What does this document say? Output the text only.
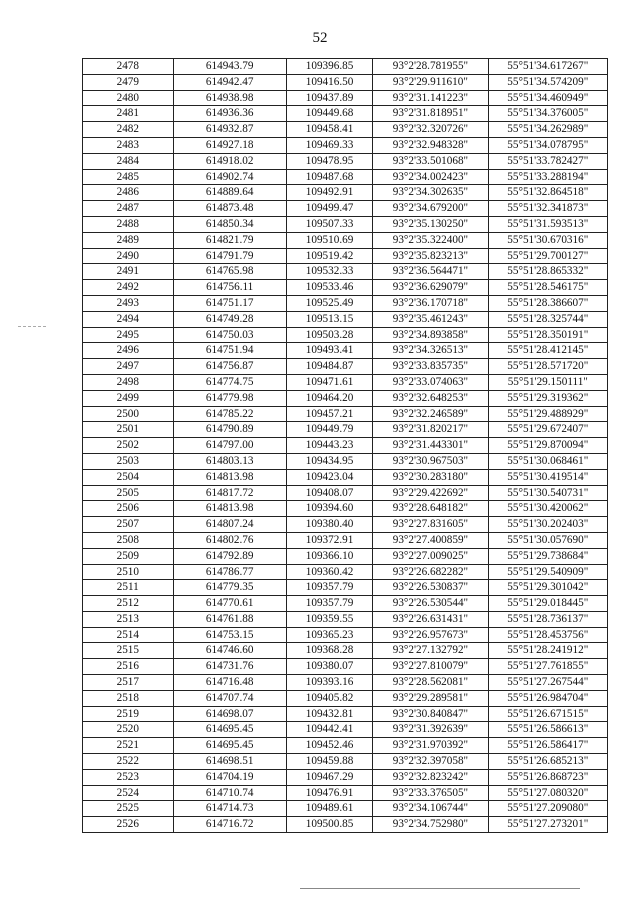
52
2478	614943.79	109396.85	93°2'28.781955"	55°51'34.617267"
2479	614942.47	109416.50	93°2'29.911610"	55°51'34.574209"
2480	614938.98	109437.89	93°2'31.141223"	55°51'34.460949"
2481	614936.36	109449.68	93°2'31.818951"	55°51'34.376005"
2482	614932.87	109458.41	93°2'32.320726"	55°51'34.262989"
2483	614927.18	109469.33	93°2'32.948328"	55°51'34.078795"
2484	614918.02	109478.95	93°2'33.501068"	55°51'33.782427"
2485	614902.74	109487.68	93°2'34.002423"	55°51'33.288194"
2486	614889.64	109492.91	93°2'34.302635"	55°51'32.864518"
2487	614873.48	109499.47	93°2'34.679200"	55°51'32.341873"
2488	614850.34	109507.33	93°2'35.130250"	55°51'31.593513"
2489	614821.79	109510.69	93°2'35.322400"	55°51'30.670316"
2490	614791.79	109519.42	93°2'35.823213"	55°51'29.700127"
2491	614765.98	109532.33	93°2'36.564471"	55°51'28.865332"
2492	614756.11	109533.46	93°2'36.629079"	55°51'28.546175"
2493	614751.17	109525.49	93°2'36.170718"	55°51'28.386607"
2494	614749.28	109513.15	93°2'35.461243"	55°51'28.325744"
2495	614750.03	109503.28	93°2'34.893858"	55°51'28.350191"
2496	614751.94	109493.41	93°2'34.326513"	55°51'28.412145"
2497	614756.87	109484.87	93°2'33.835735"	55°51'28.571720"
2498	614774.75	109471.61	93°2'33.074063"	55°51'29.150111"
2499	614779.98	109464.20	93°2'32.648253"	55°51'29.319362"
2500	614785.22	109457.21	93°2'32.246589"	55°51'29.488929"
2501	614790.89	109449.79	93°2'31.820217"	55°51'29.672407"
2502	614797.00	109443.23	93°2'31.443301"	55°51'29.870094"
2503	614803.13	109434.95	93°2'30.967503"	55°51'30.068461"
2504	614813.98	109423.04	93°2'30.283180"	55°51'30.419514"
2505	614817.72	109408.07	93°2'29.422692"	55°51'30.540731"
2506	614813.98	109394.60	93°2'28.648182"	55°51'30.420062"
2507	614807.24	109380.40	93°2'27.831605"	55°51'30.202403"
2508	614802.76	109372.91	93°2'27.400859"	55°51'30.057690"
2509	614792.89	109366.10	93°2'27.009025"	55°51'29.738684"
2510	614786.77	109360.42	93°2'26.682282"	55°51'29.540909"
2511	614779.35	109357.79	93°2'26.530837"	55°51'29.301042"
2512	614770.61	109357.79	93°2'26.530544"	55°51'29.018445"
2513	614761.88	109359.55	93°2'26.631431"	55°51'28.736137"
2514	614753.15	109365.23	93°2'26.957673"	55°51'28.453756"
2515	614746.60	109368.28	93°2'27.132792"	55°51'28.241912"
2516	614731.76	109380.07	93°2'27.810079"	55°51'27.761855"
2517	614716.48	109393.16	93°2'28.562081"	55°51'27.267544"
2518	614707.74	109405.82	93°2'29.289581"	55°51'26.984704"
2519	614698.07	109432.81	93°2'30.840847"	55°51'26.671515"
2520	614695.45	109442.41	93°2'31.392639"	55°51'26.586613"
2521	614695.45	109452.46	93°2'31.970392"	55°51'26.586417"
2522	614698.51	109459.88	93°2'32.397058"	55°51'26.685213"
2523	614704.19	109467.29	93°2'32.823242"	55°51'26.868723"
2524	614710.74	109476.91	93°2'33.376505"	55°51'27.080320"
2525	614714.73	109489.61	93°2'34.106744"	55°51'27.209080"
2526	614716.72	109500.85	93°2'34.752980"	55°51'27.273201"
